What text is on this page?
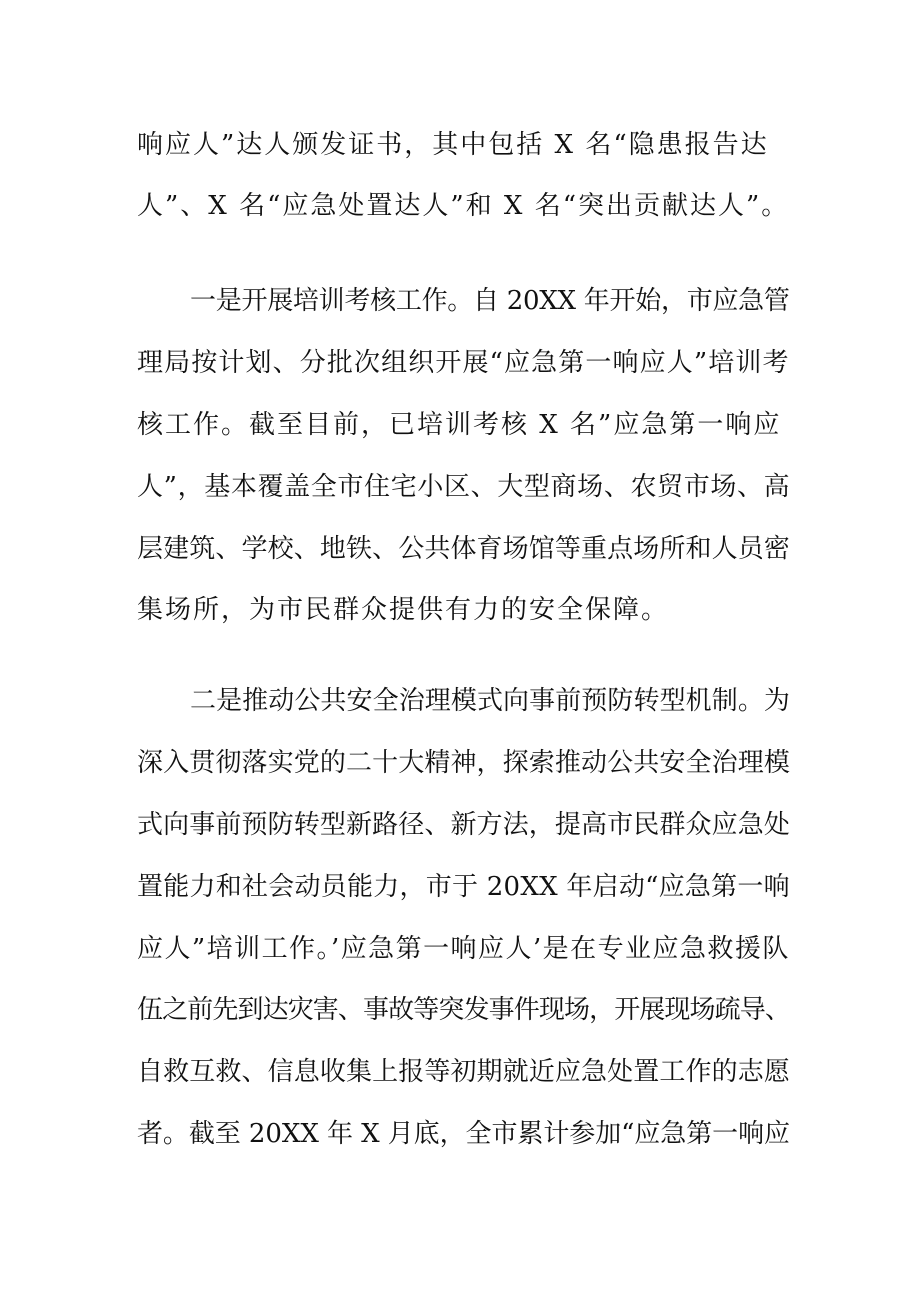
响应人”达人颁发证书，其中包括 X 名“隐患报告达
人”、X 名“应急处置达人”和 X 名“突出贡献达人”。
一是开展培训考核工作。自 20XX 年开始，市应急管
理局按计划、分批次组织开展“应急第一响应人”培训考
核工作。截至目前，已培训考核 X 名”应急第一响应
人”，基本覆盖全市住宅小区、大型商场、农贸市场、高
层建筑、学校、地铁、公共体育场馆等重点场所和人员密
集场所，为市民群众提供有力的安全保障。
二是推动公共安全治理模式向事前预防转型机制。为
深入贯彻落实党的二十大精神，探索推动公共安全治理模
式向事前预防转型新路径、新方法，提高市民群众应急处
置能力和社会动员能力，市于 20XX 年启动“应急第一响
应人”培训工作。’应急第一响应人’是在专业应急救援队
伍之前先到达灾害、事故等突发事件现场，开展现场疏导、
自救互救、信息收集上报等初期就近应急处置工作的志愿
者。截至 20XX 年 X 月底，全市累计参加“应急第一响应
